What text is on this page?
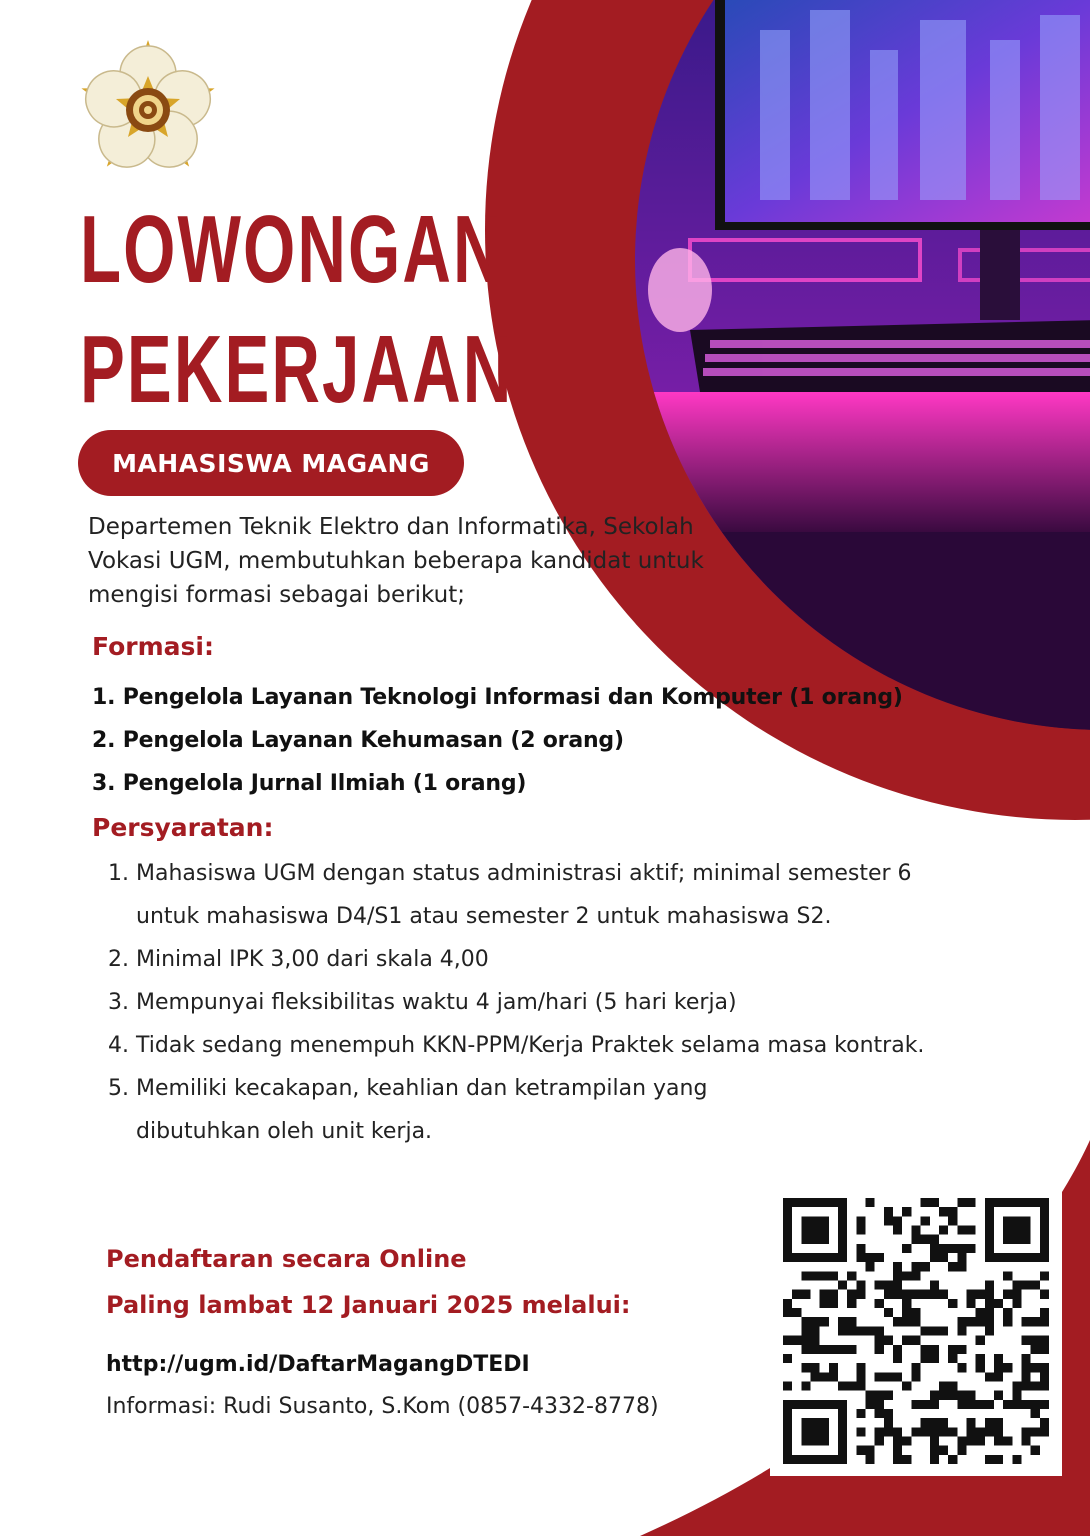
LOWONGAN
PEKERJAAN
MAHASISWA MAGANG

Departemen Teknik Elektro dan Informatika, Sekolah Vokasi UGM, membutuhkan beberapa kandidat untuk mengisi formasi sebagai berikut;

Formasi:
1. Pengelola Layanan Teknologi Informasi dan Komputer (1 orang)
2. Pengelola Layanan Kehumasan (2 orang)
3. Pengelola Jurnal Ilmiah (1 orang)
Persyaratan:
1. Mahasiswa UGM dengan status administrasi aktif; minimal semester 6 untuk mahasiswa D4/S1 atau semester 2 untuk mahasiswa S2.
2. Minimal IPK 3,00 dari skala 4,00
3. Mempunyai fleksibilitas waktu 4 jam/hari (5 hari kerja)
4. Tidak sedang menempuh KKN-PPM/Kerja Praktek selama masa kontrak.
5. Memiliki kecakapan, keahlian dan ketrampilan yang dibutuhkan oleh unit kerja.

Pendaftaran secara Online

Paling lambat 12 Januari 2025 melalui:

http://ugm.id/DaftarMagangDTEDI

Informasi: Rudi Susanto, S.Kom (0857-4332-8778)
